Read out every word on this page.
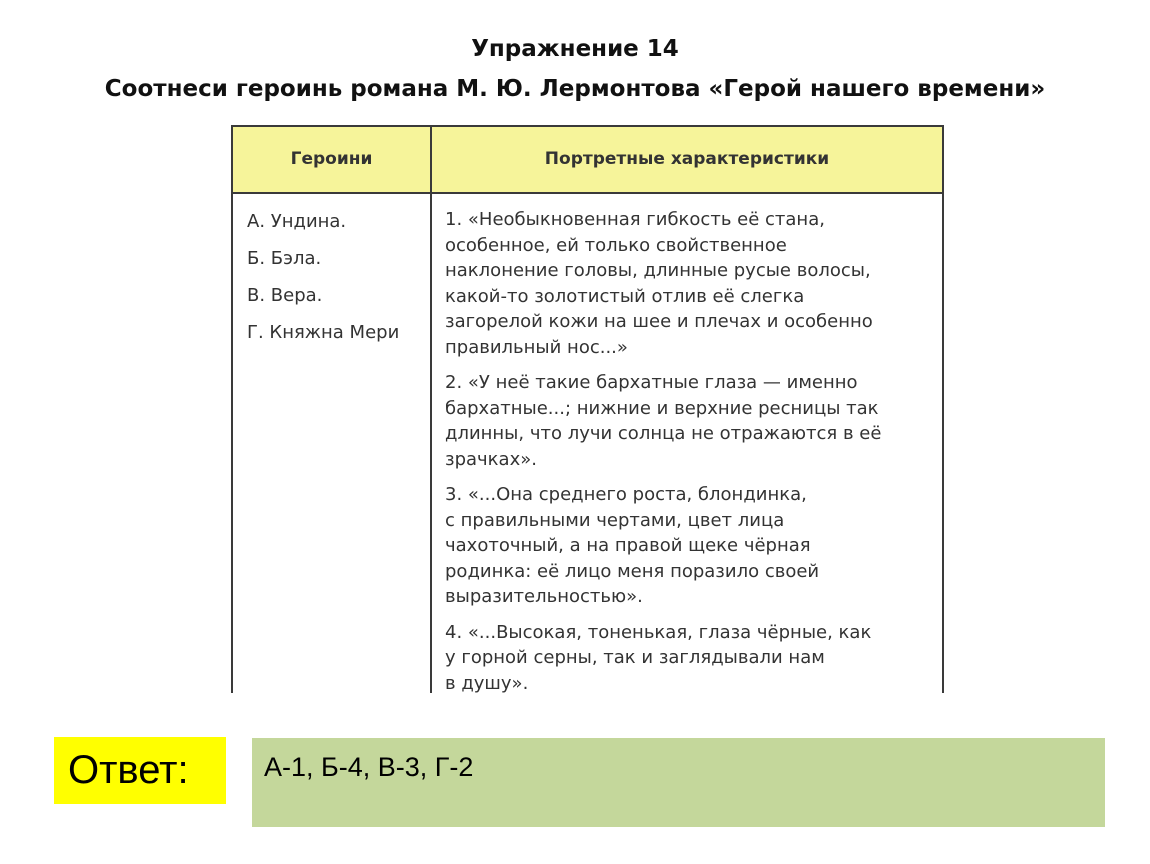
Упражнение 14
Соотнеси героинь романа М. Ю. Лермонтова «Герой нашего времени»
Героини	Портретные характеристики
А. Ундина.
Б. Бэла.
В. Вера.
Г. Княжна Мери
1. «Необыкновенная гибкость её стана,
особенное, ей только свойственное
наклонение головы, длинные русые волосы,
какой-то золотистый отлив её слегка
загорелой кожи на шее и плечах и особенно
правильный нос...»
2. «У неё такие бархатные глаза — именно
бархатные...; нижние и верхние ресницы так
длинны, что лучи солнца не отражаются в её
зрачках».
3. «...Она среднего роста, блондинка,
с правильными чертами, цвет лица
чахоточный, а на правой щеке чёрная
родинка: её лицо меня поразило своей
выразительностью».
4. «...Высокая, тоненькая, глаза чёрные, как
у горной серны, так и заглядывали нам
в душу».
Ответ:	А-1, Б-4, В-3, Г-2
